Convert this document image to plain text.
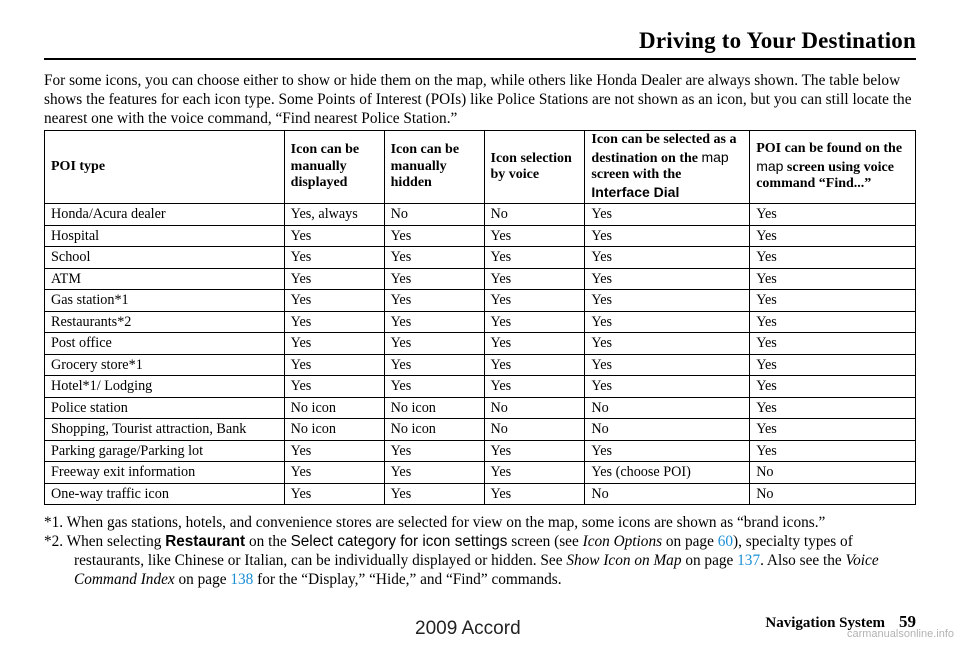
Driving to Your Destination

For some icons, you can choose either to show or hide them on the map, while others like Honda Dealer are always shown. The table below shows the features for each icon type. Some Points of Interest (POIs) like Police Stations are not shown as an icon, but you can still locate the nearest one with the voice command, “Find nearest Police Station.”

POI type	Icon can be manually displayed	Icon can be manually hidden	Icon selection by voice	Icon can be selected as a destination on the map screen with the Interface Dial	POI can be found on the map screen using voice command “Find...”
Honda/Acura dealer	Yes, always	No	No	Yes	Yes
Hospital	Yes	Yes	Yes	Yes	Yes
School	Yes	Yes	Yes	Yes	Yes
ATM	Yes	Yes	Yes	Yes	Yes
Gas station*1	Yes	Yes	Yes	Yes	Yes
Restaurants*2	Yes	Yes	Yes	Yes	Yes
Post office	Yes	Yes	Yes	Yes	Yes
Grocery store*1	Yes	Yes	Yes	Yes	Yes
Hotel*1/ Lodging	Yes	Yes	Yes	Yes	Yes
Police station	No icon	No icon	No	No	Yes
Shopping, Tourist attraction, Bank	No icon	No icon	No	No	Yes
Parking garage/Parking lot	Yes	Yes	Yes	Yes	Yes
Freeway exit information	Yes	Yes	Yes	Yes (choose POI)	No
One-way traffic icon	Yes	Yes	Yes	No	No

*1. When gas stations, hotels, and convenience stores are selected for view on the map, some icons are shown as “brand icons.”

*2. When selecting Restaurant on the Select category for icon settings screen (see Icon Options on page 60), specialty types of restaurants, like Chinese or Italian, can be individually displayed or hidden. See Show Icon on Map on page 137. Also see the Voice Command Index on page 138 for the “Display,” “Hide,” and “Find” commands.

Navigation System 59
2009 Accord	carmanualsonline.info
